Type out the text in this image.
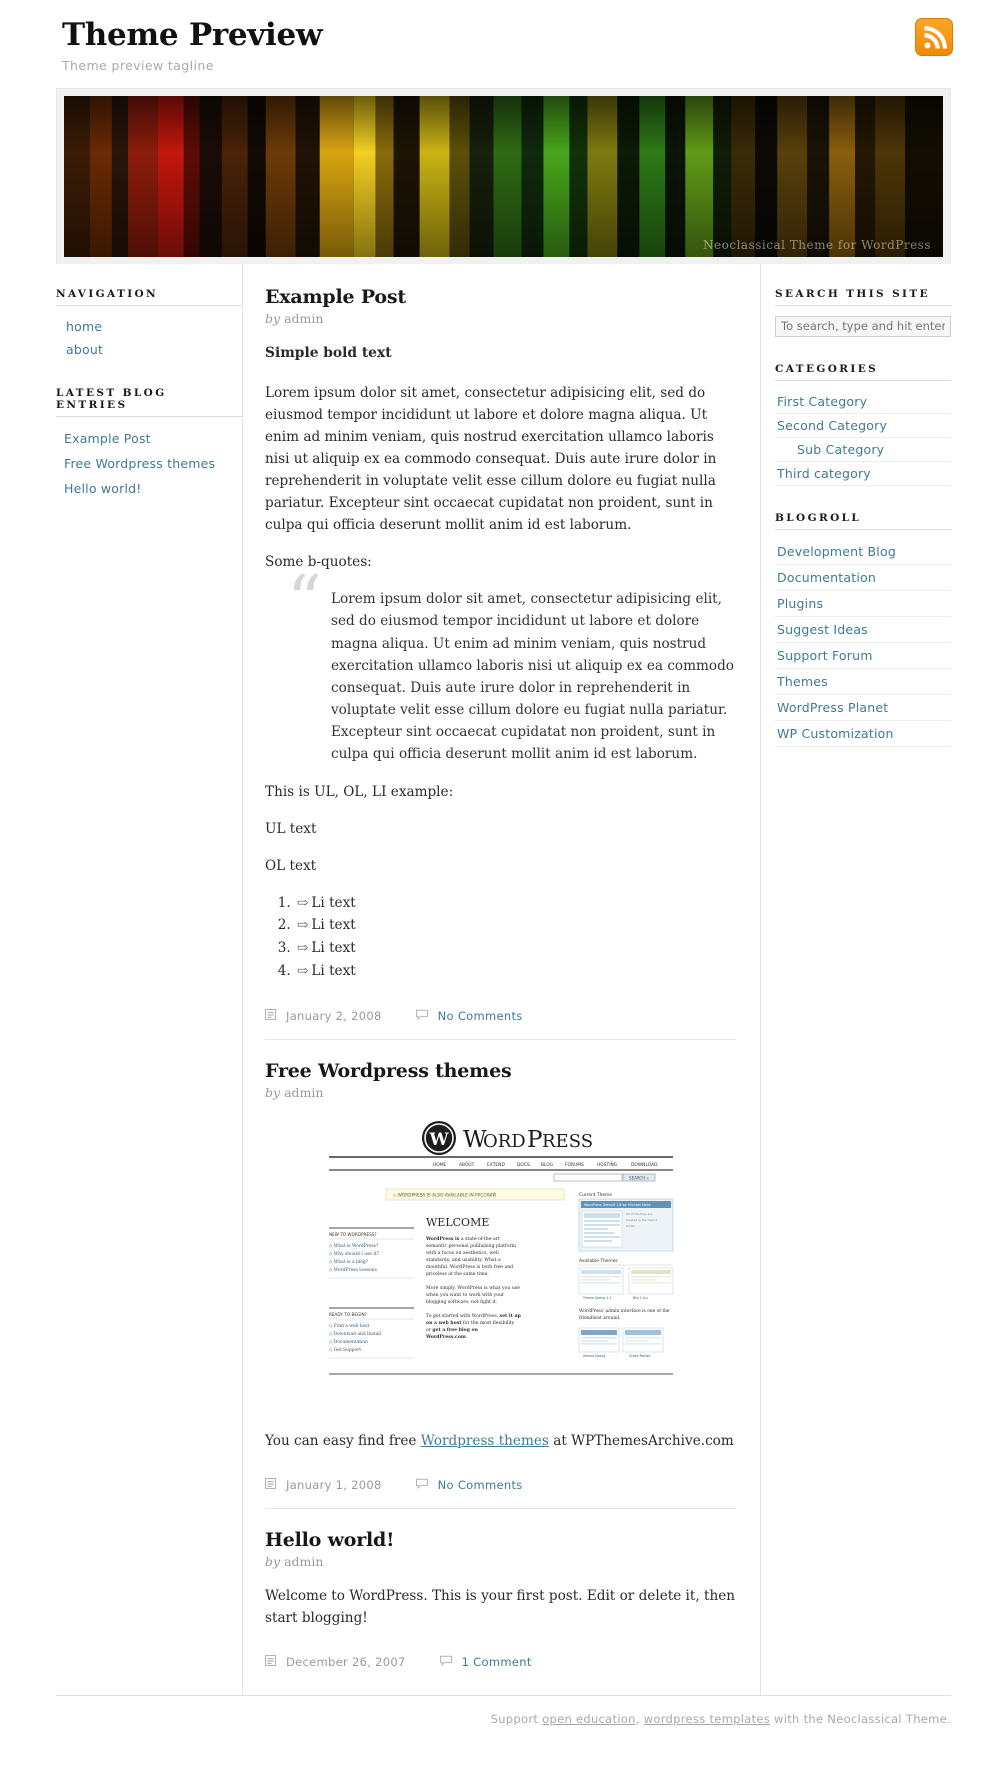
Theme Preview
Theme preview tagline
Neoclassical Theme for WordPress
NAVIGATION
home
about
LATEST BLOG ENTRIES
Example Post
Free Wordpress themes
Hello world!
Example Post
by admin

Simple bold text

Lorem ipsum dolor sit amet, consectetur adipisicing elit, sed do eiusmod tempor incididunt ut labore et dolore magna aliqua. Ut enim ad minim veniam, quis nostrud exercitation ullamco laboris nisi ut aliquip ex ea commodo consequat. Duis aute irure dolor in reprehenderit in voluptate velit esse cillum dolore eu fugiat nulla pariatur. Excepteur sint occaecat cupidatat non proident, sunt in culpa qui officia deserunt mollit anim id est laborum.

Some b-quotes:

“ Lorem ipsum dolor sit amet, consectetur adipisicing elit, sed do eiusmod tempor incididunt ut labore et dolore magna aliqua. Ut enim ad minim veniam, quis nostrud exercitation ullamco laboris nisi ut aliquip ex ea commodo consequat. Duis aute irure dolor in reprehenderit in voluptate velit esse cillum dolore eu fugiat nulla pariatur. Excepteur sint occaecat cupidatat non proident, sunt in culpa qui officia deserunt mollit anim id est laborum.

This is UL, OL, LI example:

UL text

OL text

1. ⇨ Li text
2. ⇨ Li text
3. ⇨ Li text
4. ⇨ Li text
January 2, 2008	No Comments
Free Wordpress themes
by admin
W W
ORD P RESS
HOME	ABOUT	EXTEND	DOCS	BLOG	FORUMS	HOSTING	DOWNLOAD
SEARCH »
◇ WORDPRESS IS ALSO AVAILABLE IN РУССКИЙ
WELCOME
WordPress is a state-of-the-art
semantic personal publishing platform
with a focus on aesthetics, web
standards, and usability. What a
mouthful. WordPress is both free and
priceless at the same time.
More simply, WordPress is what you use
when you want to work with your
blogging software, not fight it.
To get started with WordPress, set it up
on a web host for the most flexibility
or get a free blog on
WordPress.com.
NEW TO WORDPRESS?
◇ What is WordPress?
◇ Why should I use it?
◇ What is a blog?
◇ WordPress Lessons
READY TO BEGIN?
◇ Find a web host
◇ Download and Install
◇ Documentation
◇ Get Support
Current Theme
WordPress Default 1.6 by Michael Heile
All of the files are
located in the theme
folder.
Available Themes
Theme Spring 1.1	Blix 1.0.x
WordPress' admin interface is one of the
friendliest around.
Almost Spring	Green Pocket

You can easy find free Wordpress themes at WPThemesArchive.com

January 1, 2008	No Comments
Hello world!
by admin

Welcome to WordPress. This is your first post. Edit or delete it, then start blogging!

December 26, 2007	1 Comment
SEARCH THIS SITE
To search, type and hit enter
CATEGORIES
First Category
Second Category
Sub Category
Third category
BLOGROLL
Development Blog
Documentation
Plugins
Suggest Ideas
Support Forum
Themes
WordPress Planet
WP Customization
Support open education, wordpress templates with the Neoclassical Theme.
